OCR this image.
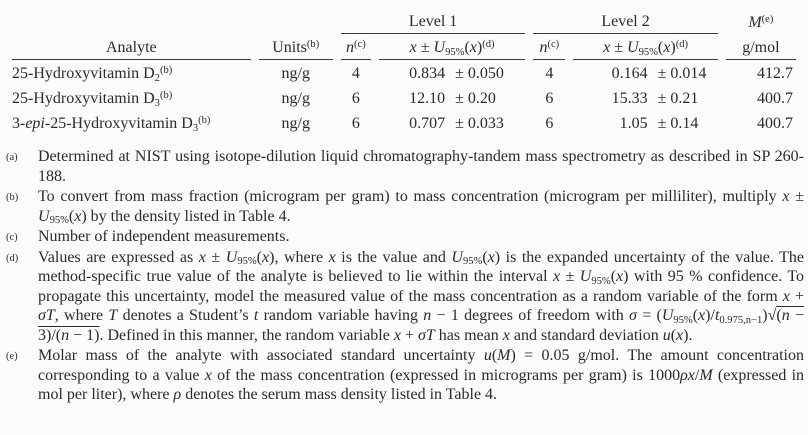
		Level 1			Level 2			$M^{(e)}$
Analyte	Units$^{(b)}$	$n^{(c)}$	$x \pm U95\%(x)^{(d)}$		$n^{(c)}$	$x \pm U95\%(x)^{(d)}$		g/mol
25-Hydroxyvitamin D2$^{(b)}$	ng/g	4	0.834	± 0.050	4	0.164	± 0.014	412.7
25-Hydroxyvitamin D3$^{(b)}$	ng/g	6	12.10	± 0.20	6	15.33	± 0.21	400.7
3-epi-25-Hydroxyvitamin D3$^{(b)}$	ng/g	6	0.707	± 0.033	6	1.05	± 0.14	400.7
(a) Determined at NIST using isotope-dilution liquid chromatography-tandem mass spectrometry as described in SP 260-188.
(b) To convert from mass fraction (microgram per gram) to mass concentration (microgram per milliliter), multiply x ± U95%(x) by the density listed in Table 4.
(c) Number of independent measurements.
(d) Values are expressed as x ± U95%(x), where x is the value and U95%(x) is the expanded uncertainty of the value. The method-specific true value of the analyte is believed to lie within the interval x ± U95%(x) with 95 % confidence. To propagate this uncertainty, model the measured value of the mass concentration as a random variable of the form x + σT, where T denotes a Student’s t random variable having n − 1 degrees of freedom with $\sigma = (U95\%(x)/t0.975,n-1)√(\overline{n} - 3)/(\overline{n} - 1)$. Defined in this manner, the random variable x + σT has mean x and standard deviation u(x).
(e) Molar mass of the analyte with associated standard uncertainty u(M) = 0.05 g/mol. The amount concentration corresponding to a value x of the mass concentration (expressed in micrograms per gram) is 1000ρx/M (expressed in mol per liter), where ρ denotes the serum mass density listed in Table 4.
